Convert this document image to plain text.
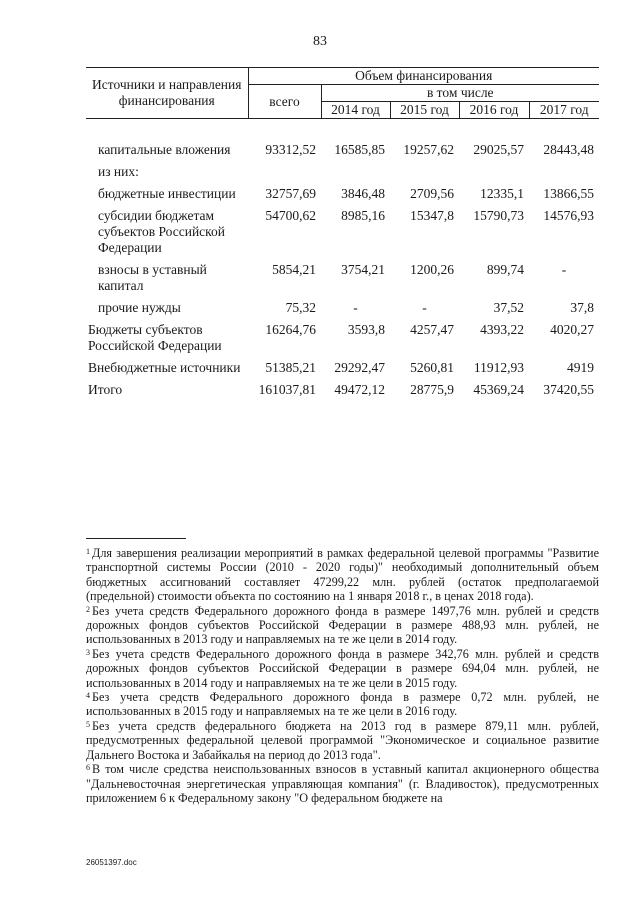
83
Источники и направления финансирования	Объем финансирования				
	всего	в том числе			
		2014 год	2015 год	2016 год	2017 год

капитальные вложения	93312,52	16585,85	19257,62	29025,57	28443,48
из них:					
бюджетные инвестиции	32757,69	3846,48	2709,56	12335,1	13866,55
субсидии бюджетам субъектов Российской Федерации	54700,62	8985,16	15347,8	15790,73	14576,93
взносы в уставный капитал	5854,21	3754,21	1200,26	899,74	-
прочие нужды	75,32	-	-	37,52	37,8
Бюджеты субъектов Российской Федерации	16264,76	3593,8	4257,47	4393,22	4020,27
Внебюджетные источники	51385,21	29292,47	5260,81	11912,93	4919
Итого	161037,81	49472,12	28775,9	45369,24	37420,55

$^1$ Для завершения реализации мероприятий в рамках федеральной целевой программы "Развитие транспортной системы России (2010 - 2020 годы)" необходимый дополнительный объем бюджетных ассигнований составляет 47299,22 млн. рублей (остаток предполагаемой (предельной) стоимости объекта по состоянию на 1 января 2018 г., в ценах 2018 года).

$^2$ Без учета средств Федерального дорожного фонда в размере 1497,76 млн. рублей и средств дорожных фондов субъектов Российской Федерации в размере 488,93 млн. рублей, не использованных в 2013 году и направляемых на те же цели в 2014 году.

$^3$ Без учета средств Федерального дорожного фонда в размере 342,76 млн. рублей и средств дорожных фондов субъектов Российской Федерации в размере 694,04 млн. рублей, не использованных в 2014 году и направляемых на те же цели в 2015 году.

$^4$ Без учета средств Федерального дорожного фонда в размере 0,72 млн. рублей, не использованных в 2015 году и направляемых на те же цели в 2016 году.

$^5$ Без учета средств федерального бюджета на 2013 год в размере 879,11 млн. рублей, предусмотренных федеральной целевой программой "Экономическое и социальное развитие Дальнего Востока и Забайкалья на период до 2013 года".

$^6$ В том числе средства неиспользованных взносов в уставный капитал акционерного общества "Дальневосточная энергетическая управляющая компания" (г. Владивосток), предусмотренных приложением 6 к Федеральному закону "О федеральном бюджете на

26051397.doc
